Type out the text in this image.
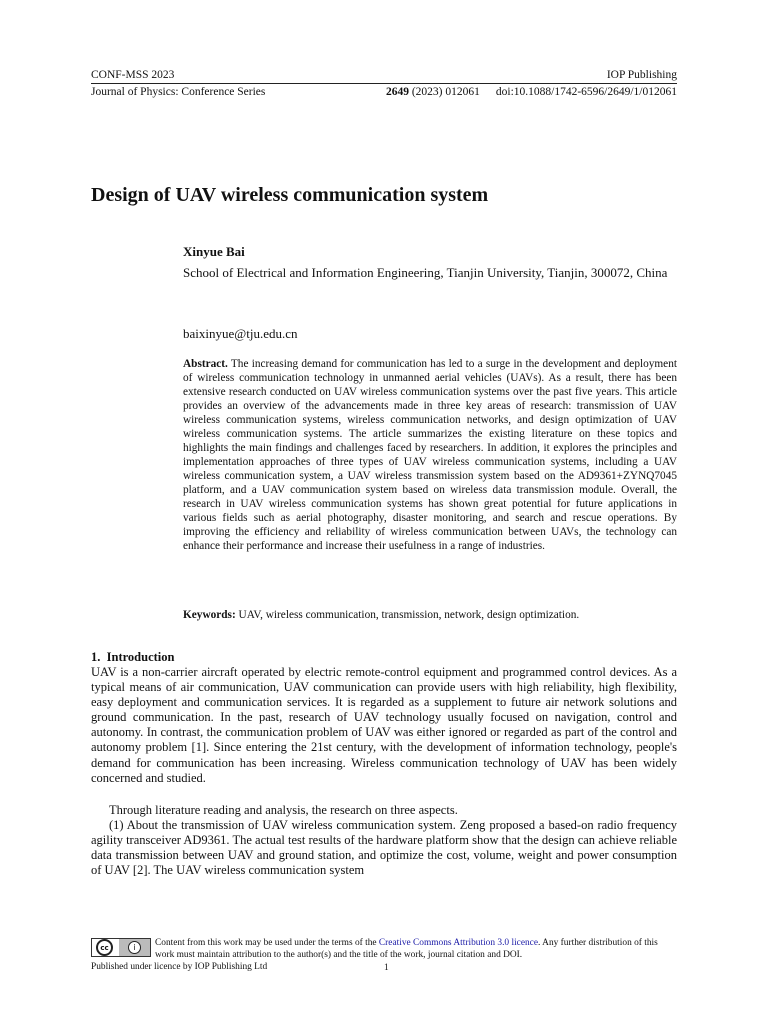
CONF-MSS 2023	IOP Publishing
Journal of Physics: Conference Series	2649 (2023) 012061 doi:10.1088/1742-6596/2649/1/012061
Design of UAV wireless communication system
Xinyue Bai
School of Electrical and Information Engineering, Tianjin University, Tianjin, 300072, China
baixinyue@tju.edu.cn
Abstract. The increasing demand for communication has led to a surge in the development and deployment of wireless communication technology in unmanned aerial vehicles (UAVs). As a result, there has been extensive research conducted on UAV wireless communication systems over the past five years. This article provides an overview of the advancements made in three key areas of research: transmission of UAV wireless communication systems, wireless communication networks, and design optimization of UAV wireless communication systems. The article summarizes the existing literature on these topics and highlights the main findings and challenges faced by researchers. In addition, it explores the principles and implementation approaches of three types of UAV wireless communication systems, including a UAV wireless communication system, a UAV wireless transmission system based on the AD9361+ZYNQ7045 platform, and a UAV communication system based on wireless data transmission module. Overall, the research in UAV wireless communication systems has shown great potential for future applications in various fields such as aerial photography, disaster monitoring, and search and rescue operations. By improving the efficiency and reliability of wireless communication between UAVs, the technology can enhance their performance and increase their usefulness in a range of industries.
Keywords: UAV, wireless communication, transmission, network, design optimization.
1.  Introduction

UAV is a non-carrier aircraft operated by electric remote-control equipment and programmed control devices. As a typical means of air communication, UAV communication can provide users with high reliability, high flexibility, easy deployment and communication services. It is regarded as a supplement to future air network solutions and ground communication. In the past, research of UAV technology usually focused on navigation, control and autonomy. In contrast, the communication problem of UAV was either ignored or regarded as part of the control and autonomy problem [1]. Since entering the 21st century, with the development of information technology, people's demand for communication has been increasing. Wireless communication technology of UAV has been widely concerned and studied.

Through literature reading and analysis, the research on three aspects.

(1) About the transmission of UAV wireless communication system. Zeng proposed a based-on radio frequency agility transceiver AD9361. The actual test results of the hardware platform show that the design can achieve reliable data transmission between UAV and ground station, and optimize the cost, volume, weight and power consumption of UAV [2]. The UAV wireless communication system

cc	i	Content from this work may be used under the terms of the Creative Commons Attribution 3.0 licence. Any further distribution of this work must maintain attribution to the author(s) and the title of the work, journal citation and DOI.
Published under licence by IOP Publishing Ltd	1
